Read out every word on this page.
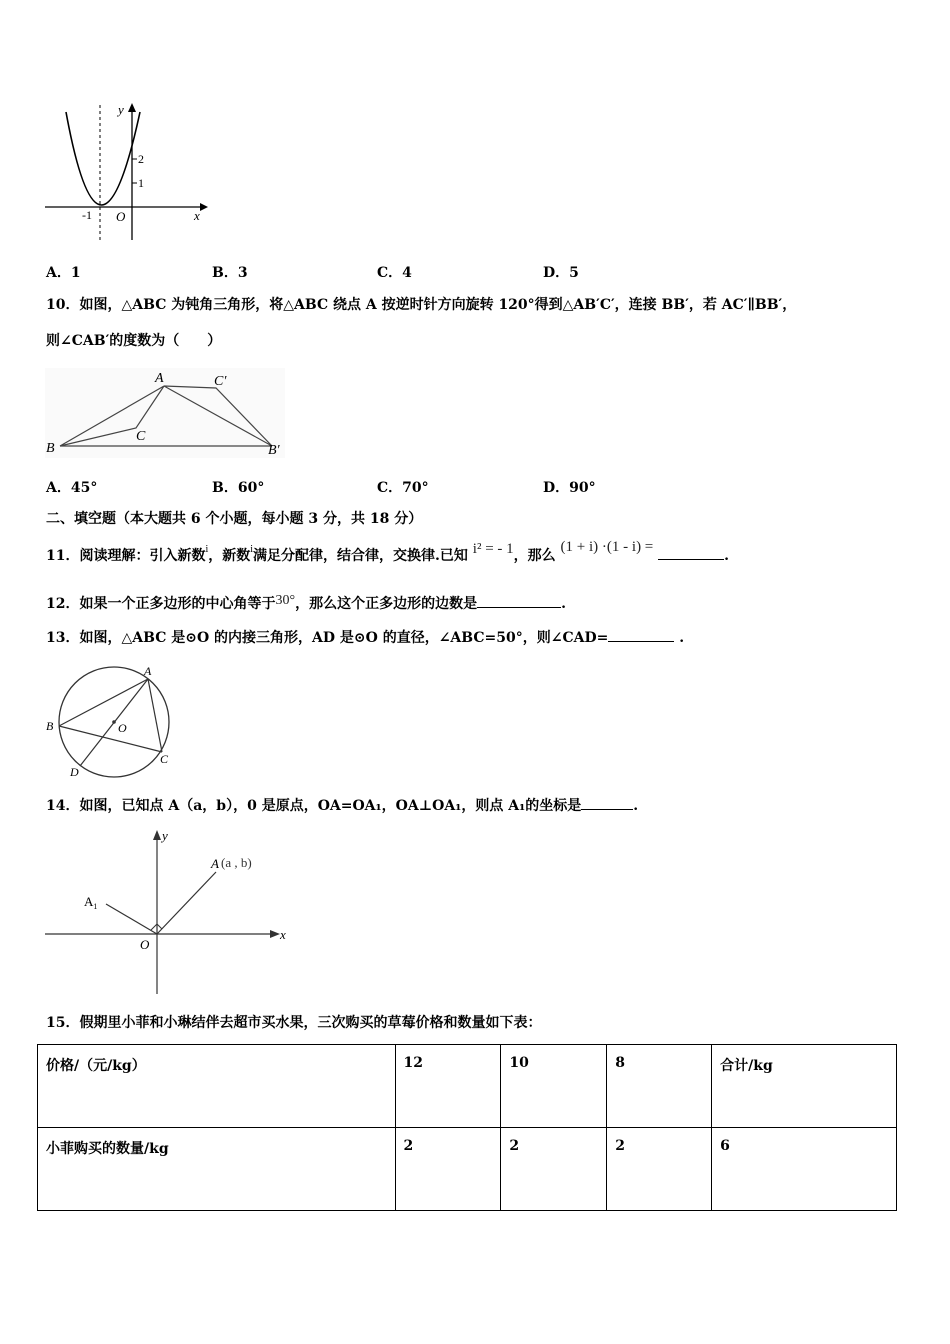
y
x
O
-1
1
2
A．1	B．3	C．4	D．5
10．如图，△ABC 为钝角三角形，将△ABC 绕点 A 按逆时针方向旋转 120°得到△AB′C′，连接 BB′，若 AC′∥BB′，
则∠CAB′的度数为（　　）
A
B
C
C′
B′
A．45°	B．60°	C．70°	D．90°
二、填空题（本大题共 6 个小题，每小题 3 分，共 18 分）
11．阅读理解：引入新数$^i$，新数$^i$满足分配律，结合律，交换律.已知 i² = - 1，那么 (1 + i) ·(1 - i) = .
12．如果一个正多边形的中心角等于30°，那么这个正多边形的边数是	.
13．如图，△ABC 是⊙O 的内接三角形，AD 是⊙O 的直径，∠ABC=50°，则∠CAD=	.
A
B
C
D
O
14．如图，已知点 A（a，b），0 是原点，OA=OA₁，OA⊥OA₁，则点 A₁的坐标是	.
y
x
O
A (a , b)
$A_1$
15．假期里小菲和小琳结伴去超市买水果，三次购买的草莓价格和数量如下表：
价格/（元/kg）	12	10	8	合计/kg
小菲购买的数量/kg	2	2	2	6
